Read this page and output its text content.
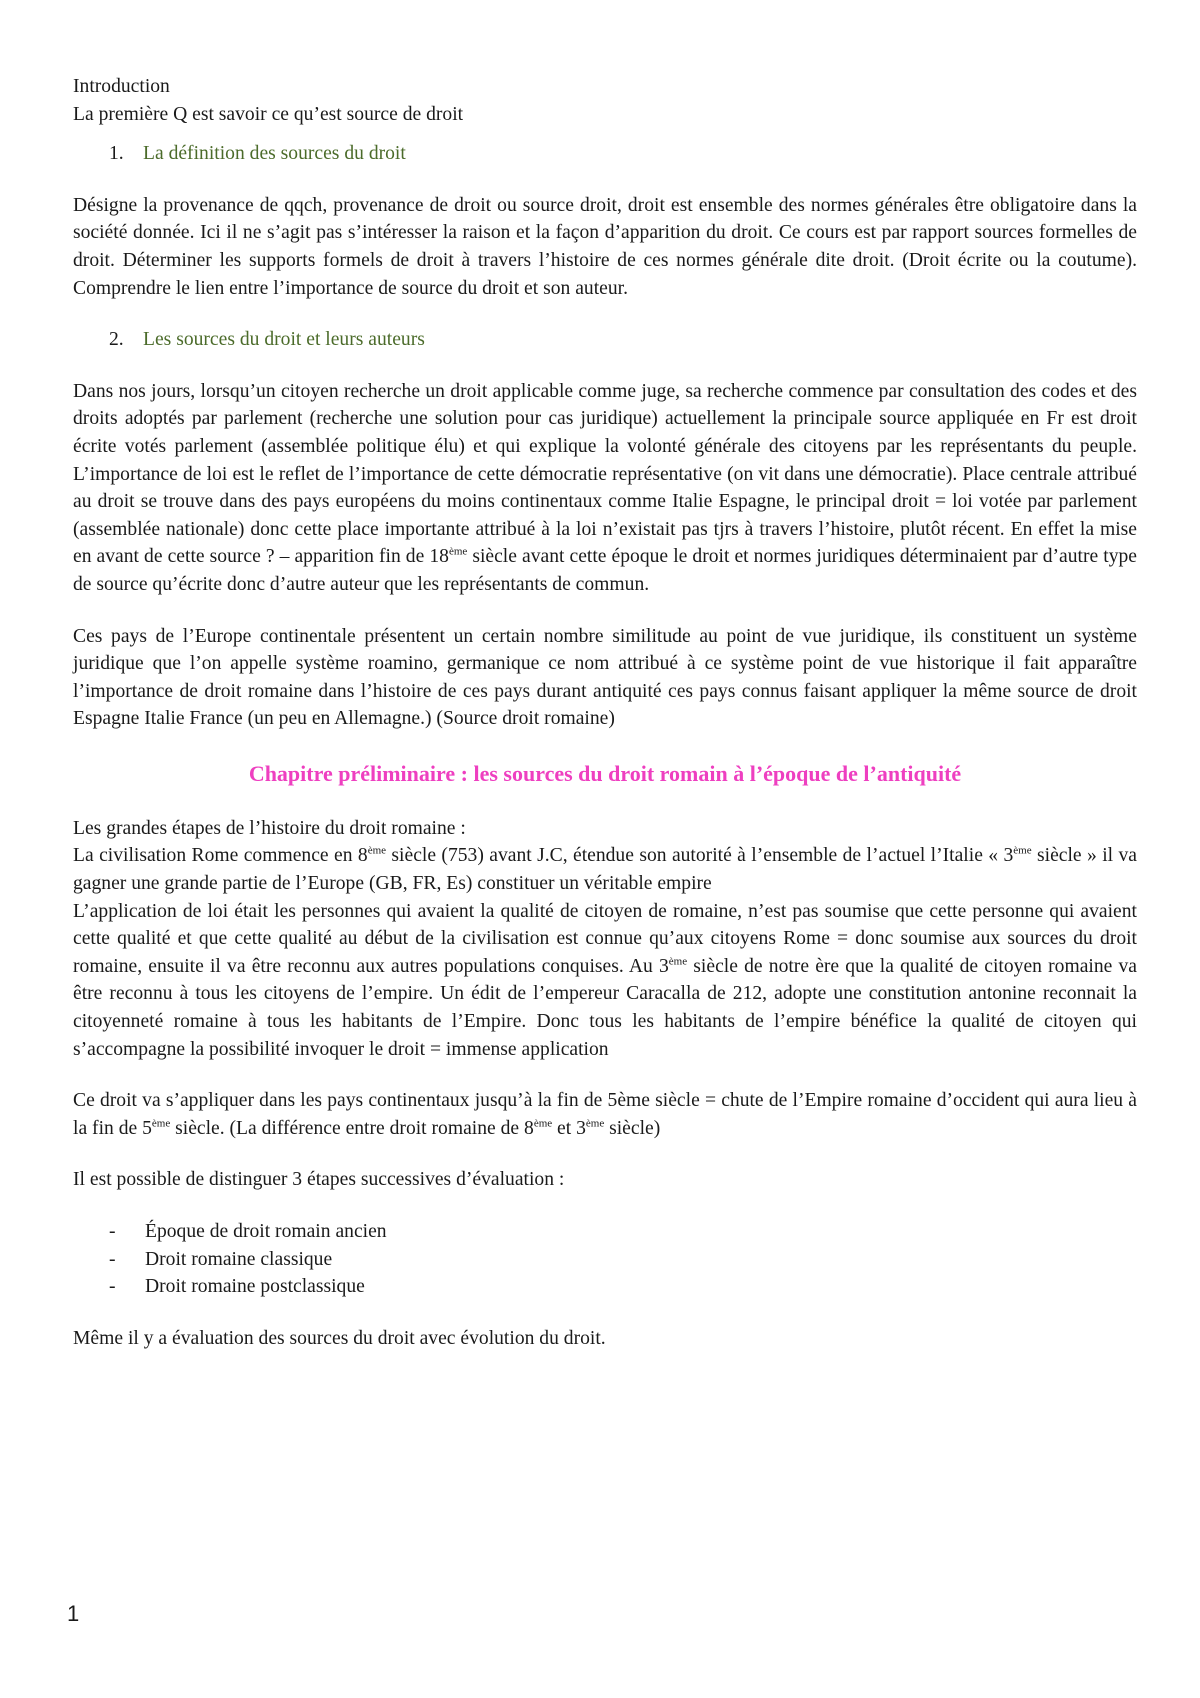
Introduction

La première Q est savoir ce qu’est source de droit

1. La définition des sources du droit

Désigne la provenance de qqch, provenance de droit ou source droit, droit est ensemble des normes générales être obligatoire dans la société donnée. Ici il ne s’agit pas s’intéresser la raison et la façon d’apparition du droit. Ce cours est par rapport sources formelles de droit. Déterminer les supports formels de droit à travers l’histoire de ces normes générale dite droit. (Droit écrite ou la coutume). Comprendre le lien entre l’importance de source du droit et son auteur.

2. Les sources du droit et leurs auteurs

Dans nos jours, lorsqu’un citoyen recherche un droit applicable comme juge, sa recherche commence par consultation des codes et des droits adoptés par parlement (recherche une solution pour cas juridique) actuellement la principale source appliquée en Fr est droit écrite votés parlement (assemblée politique élu) et qui explique la volonté générale des citoyens par les représentants du peuple. L’importance de loi est le reflet de l’importance de cette démocratie représentative (on vit dans une démocratie). Place centrale attribué au droit se trouve dans des pays européens du moins continentaux comme Italie Espagne, le principal droit = loi votée par parlement (assemblée nationale) donc cette place importante attribué à la loi n’existait pas tjrs à travers l’histoire, plutôt récent. En effet la mise en avant de cette source ? – apparition fin de 18ème siècle avant cette époque le droit et normes juridiques déterminaient par d’autre type de source qu’écrite donc d’autre auteur que les représentants de commun.

Ces pays de l’Europe continentale présentent un certain nombre similitude au point de vue juridique, ils constituent un système juridique que l’on appelle système roamino, germanique ce nom attribué à ce système point de vue historique il fait apparaître l’importance de droit romaine dans l’histoire de ces pays durant antiquité ces pays connus faisant appliquer la même source de droit Espagne Italie France (un peu en Allemagne.) (Source droit romaine)

Chapitre préliminaire : les sources du droit romain à l’époque de l’antiquité

Les grandes étapes de l’histoire du droit romaine :

La civilisation Rome commence en 8ème siècle (753) avant J.C, étendue son autorité à l’ensemble de l’actuel l’Italie « 3ème siècle » il va gagner une grande partie de l’Europe (GB, FR, Es) constituer un véritable empire

L’application de loi était les personnes qui avaient la qualité de citoyen de romaine, n’est pas soumise que cette personne qui avaient cette qualité et que cette qualité au début de la civilisation est connue qu’aux citoyens Rome = donc soumise aux sources du droit romaine, ensuite il va être reconnu aux autres populations conquises. Au 3ème siècle de notre ère que la qualité de citoyen romaine va être reconnu à tous les citoyens de l’empire. Un édit de l’empereur Caracalla de 212, adopte une constitution antonine reconnait la citoyenneté romaine à tous les habitants de l’Empire. Donc tous les habitants de l’empire bénéfice la qualité de citoyen qui s’accompagne la possibilité invoquer le droit = immense application

Ce droit va s’appliquer dans les pays continentaux jusqu’à la fin de 5ème siècle = chute de l’Empire romaine d’occident qui aura lieu à la fin de 5ème siècle. (La différence entre droit romaine de 8ème et 3ème siècle)

Il est possible de distinguer 3 étapes successives d’évaluation :

- Époque de droit romain ancien
- Droit romaine classique
- Droit romaine postclassique

Même il y a évaluation des sources du droit avec évolution du droit.

1
